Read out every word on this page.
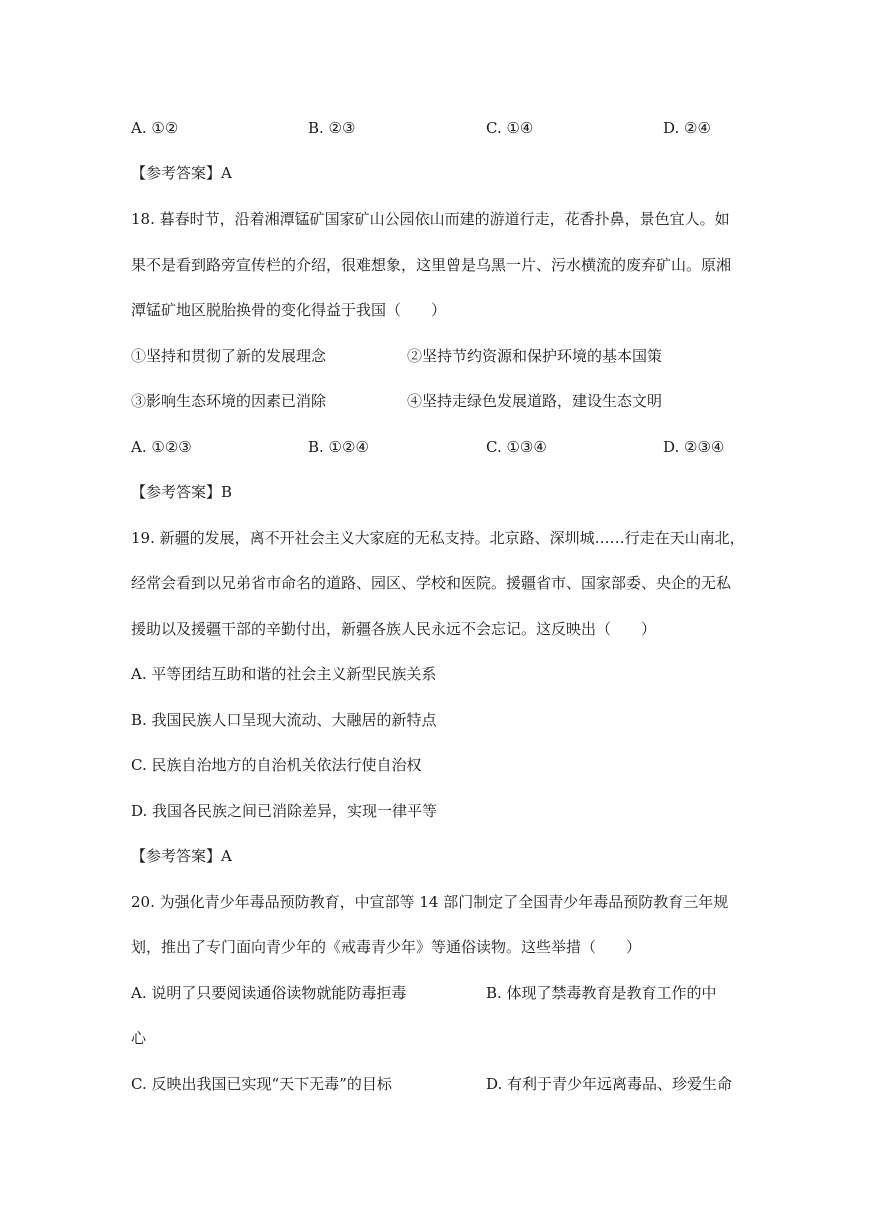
A. ①②	B. ②③	C. ①④	D. ②④
【参考答案】A
18. 暮春时节，沿着湘潭锰矿国家矿山公园依山而建的游道行走，花香扑鼻，景色宜人。如
果不是看到路旁宣传栏的介绍，很难想象，这里曾是乌黑一片、污水横流的废弃矿山。原湘
潭锰矿地区脱胎换骨的变化得益于我国（　　）
①坚持和贯彻了新的发展理念	②坚持节约资源和保护环境的基本国策
③影响生态环境的因素已消除	④坚持走绿色发展道路，建设生态文明
A. ①②③	B. ①②④	C. ①③④	D. ②③④
【参考答案】B
19. 新疆的发展，离不开社会主义大家庭的无私支持。北京路、深圳城……行走在天山南北，
经常会看到以兄弟省市命名的道路、园区、学校和医院。援疆省市、国家部委、央企的无私
援助以及援疆干部的辛勤付出，新疆各族人民永远不会忘记。这反映出（　　）
A. 平等团结互助和谐的社会主义新型民族关系
B. 我国民族人口呈现大流动、大融居的新特点
C. 民族自治地方的自治机关依法行使自治权
D. 我国各民族之间已消除差异，实现一律平等
【参考答案】A
20. 为强化青少年毒品预防教育，中宣部等 14 部门制定了全国青少年毒品预防教育三年规
划，推出了专门面向青少年的《戒毒青少年》等通俗读物。这些举措（　　）
A. 说明了只要阅读通俗读物就能防毒拒毒	B. 体现了禁毒教育是教育工作的中
心
C. 反映出我国已实现“天下无毒”的目标	D. 有利于青少年远离毒品、珍爱生命
